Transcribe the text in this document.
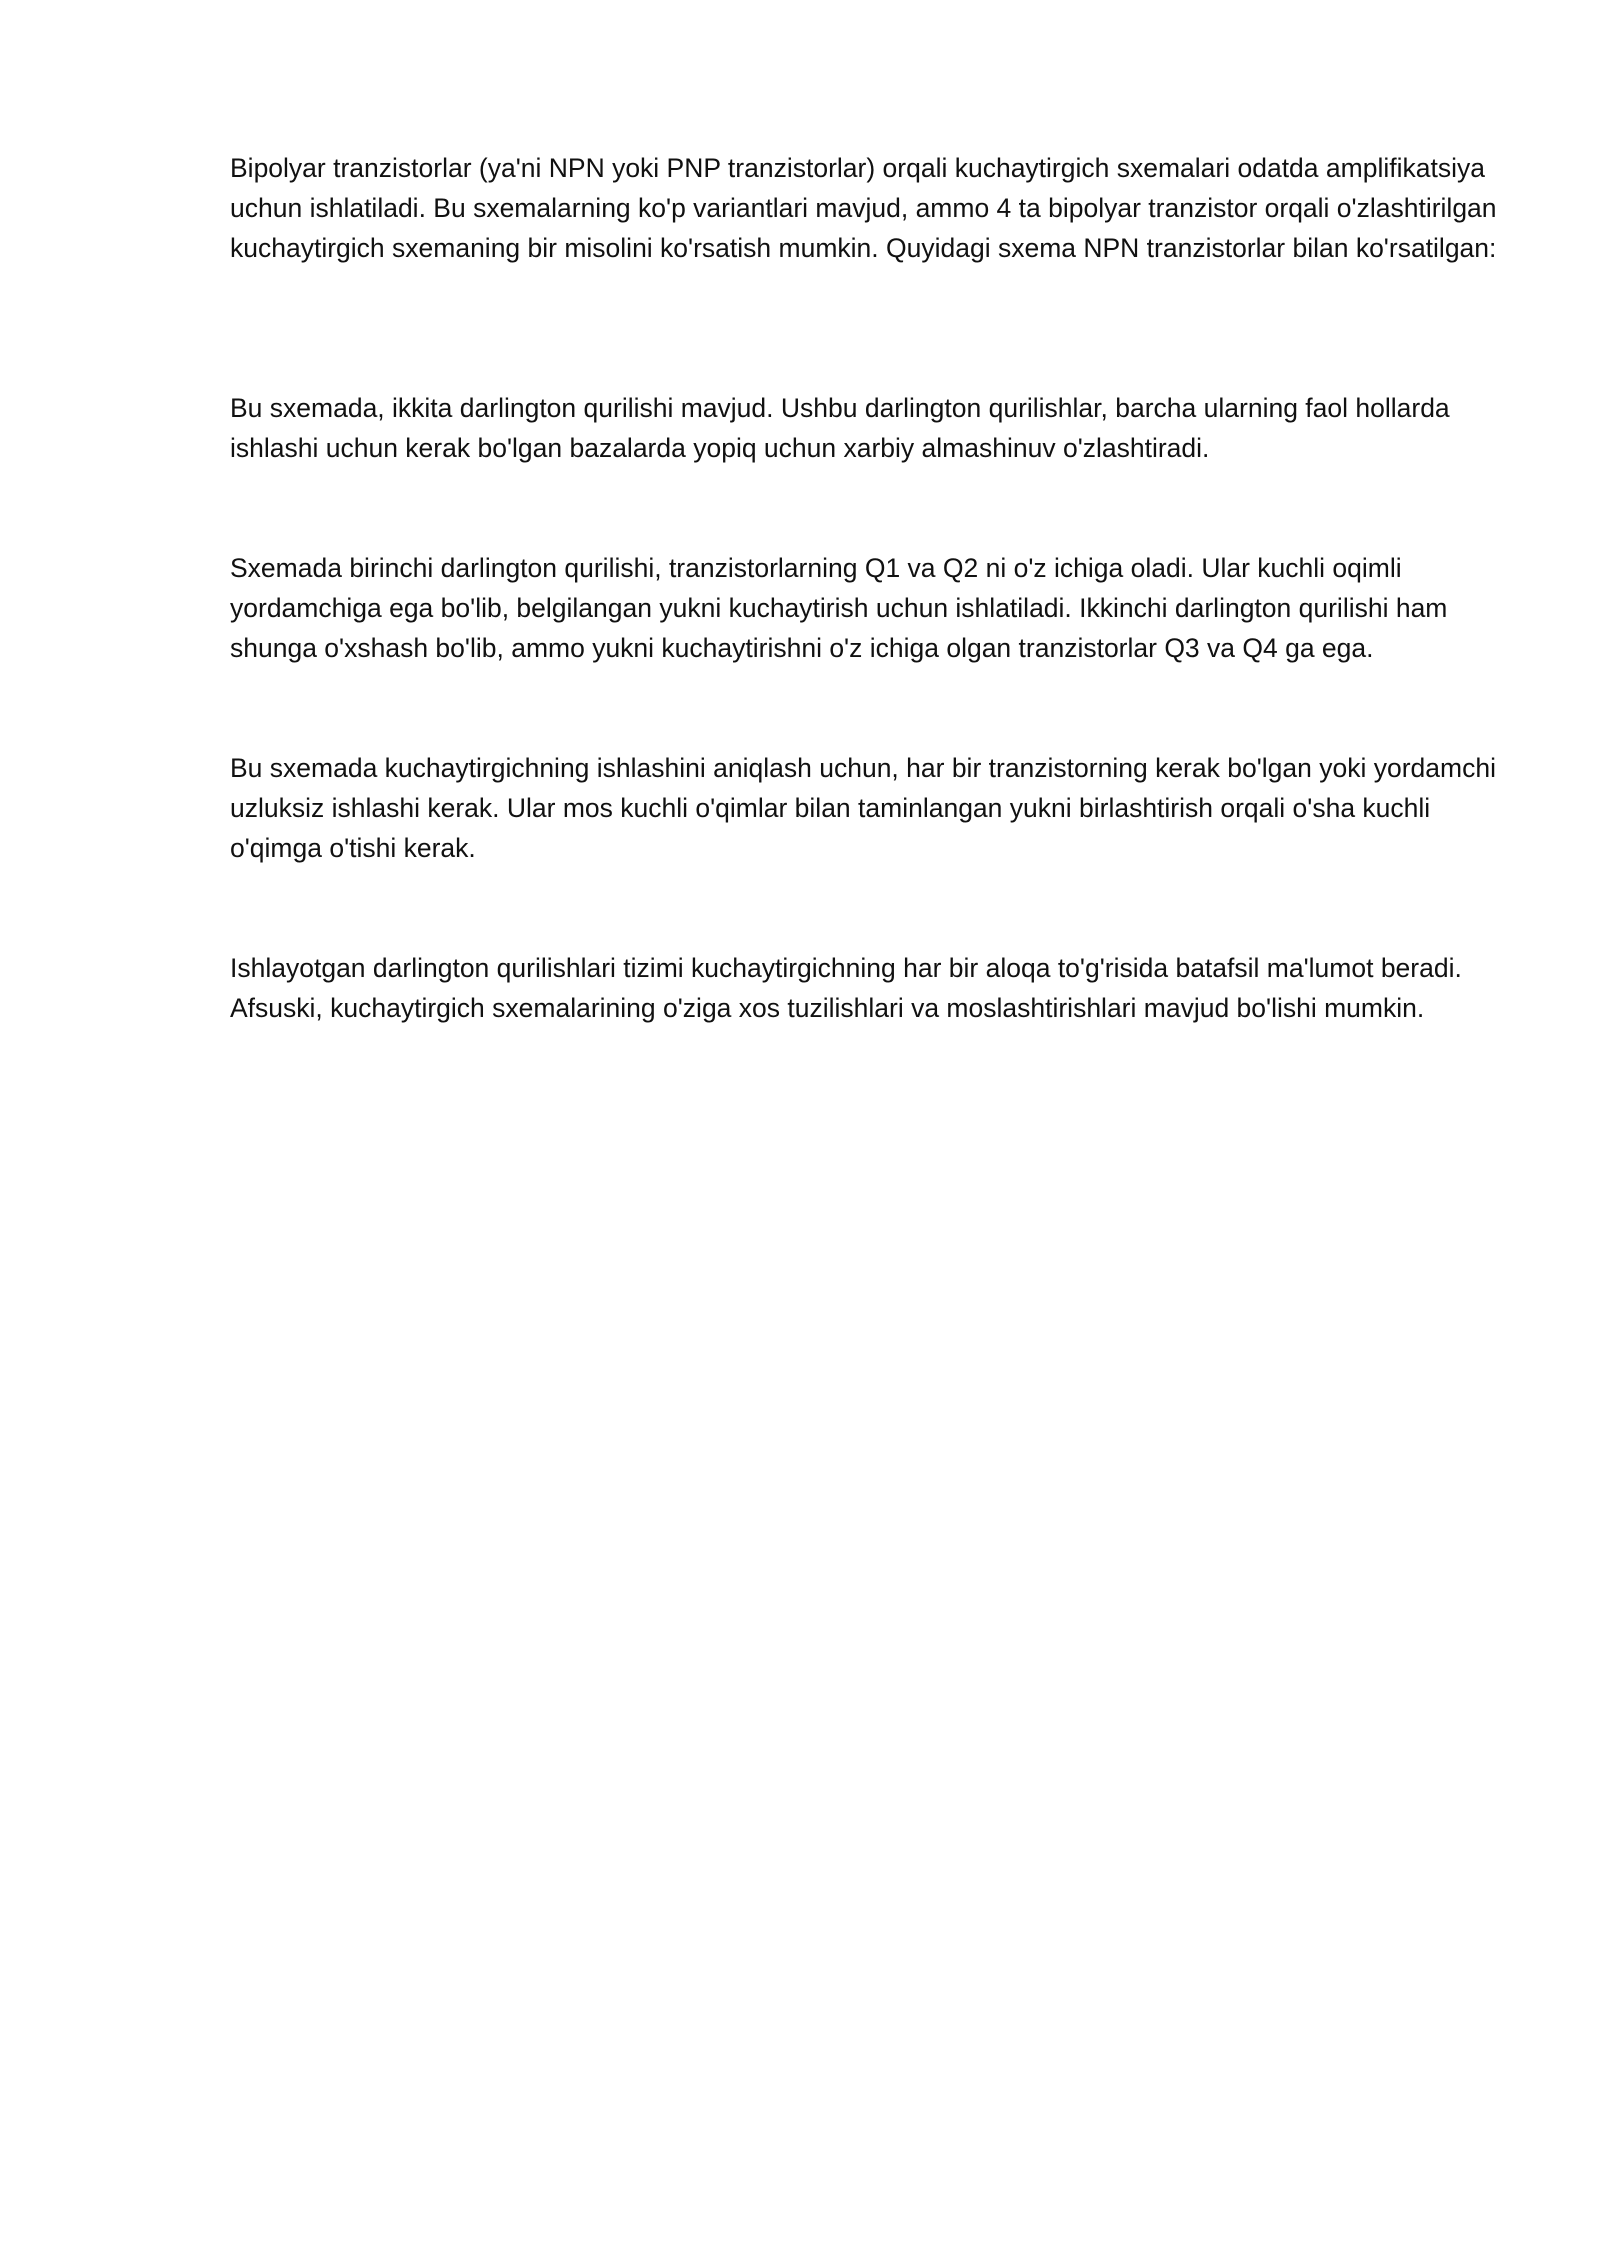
Bipolyar tranzistorlar (ya'ni NPN yoki PNP tranzistorlar) orqali kuchaytirgich sxemalari odatda amplifikatsiya uchun ishlatiladi. Bu sxemalarning ko'p variantlari mavjud, ammo 4 ta bipolyar tranzistor orqali o'zlashtirilgan kuchaytirgich sxemaning bir misolini ko'rsatish mumkin. Quyidagi sxema NPN tranzistorlar bilan ko'rsatilgan:

Bu sxemada, ikkita darlington qurilishi mavjud. Ushbu darlington qurilishlar, barcha ularning faol hollarda ishlashi uchun kerak bo'lgan bazalarda yopiq uchun xarbiy almashinuv o'zlashtiradi.

Sxemada birinchi darlington qurilishi, tranzistorlarning Q1 va Q2 ni o'z ichiga oladi. Ular kuchli oqimli yordamchiga ega bo'lib, belgilangan yukni kuchaytirish uchun ishlatiladi. Ikkinchi darlington qurilishi ham shunga o'xshash bo'lib, ammo yukni kuchaytirishni o'z ichiga olgan tranzistorlar Q3 va Q4 ga ega.

Bu sxemada kuchaytirgichning ishlashini aniqlash uchun, har bir tranzistorning kerak bo'lgan yoki yordamchi uzluksiz ishlashi kerak. Ular mos kuchli o'qimlar bilan taminlangan yukni birlashtirish orqali o'sha kuchli o'qimga o'tishi kerak.

Ishlayotgan darlington qurilishlari tizimi kuchaytirgichning har bir aloqa to'g'risida batafsil ma'lumot beradi. Afsuski, kuchaytirgich sxemalarining o'ziga xos tuzilishlari va moslashtirishlari mavjud bo'lishi mumkin.
